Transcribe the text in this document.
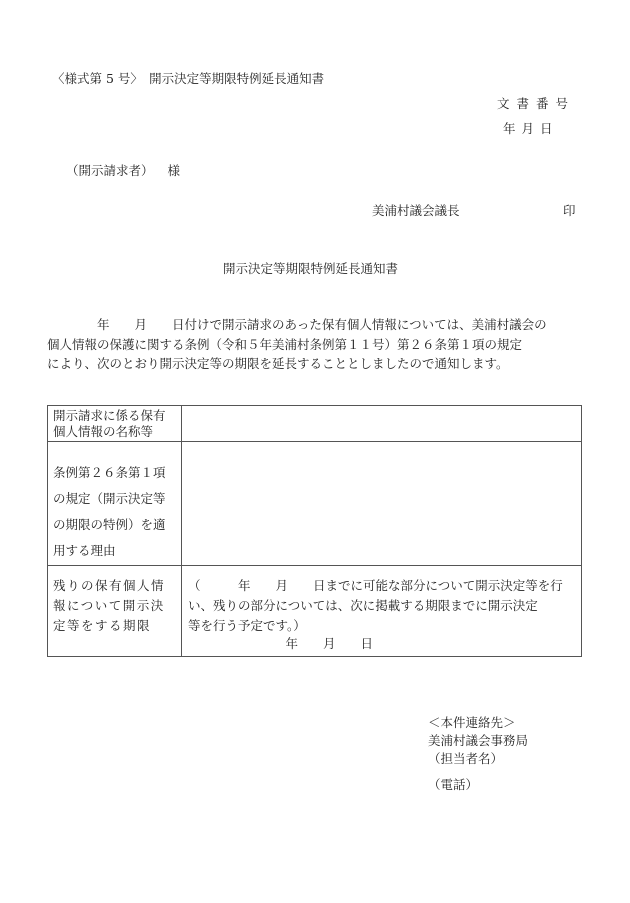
〈様式第 5 号〉　開示決定等期限特例延長通知書
文書番号
年月日
（開示請求者） 様
美浦村議会議長	印
開示決定等期限特例延長通知書
　　　　年　　月　　日付けで開示請求のあった保有個人情報については、美浦村議会の
個人情報の保護に関する条例（令和５年美浦村条例第１１号）第２６条第１項の規定
により、次のとおり開示決定等の期限を延長することとしましたので通知します。
開示請求に係る保有
個人情報の名称等
条例第２６条第１項
の規定（開示決定等
の期限の特例）を適
用する理由
残りの保有個人情
報について開示決
定等をする期限
（　　　年　　月　　日までに可能な部分について開示決定等を行
い、残りの部分については、次に掲載する期限までに開示決定
等を行う予定です。）
　　　年　　月　　日
＜本件連絡先＞
美浦村議会事務局
（担当者名）
（電話）
